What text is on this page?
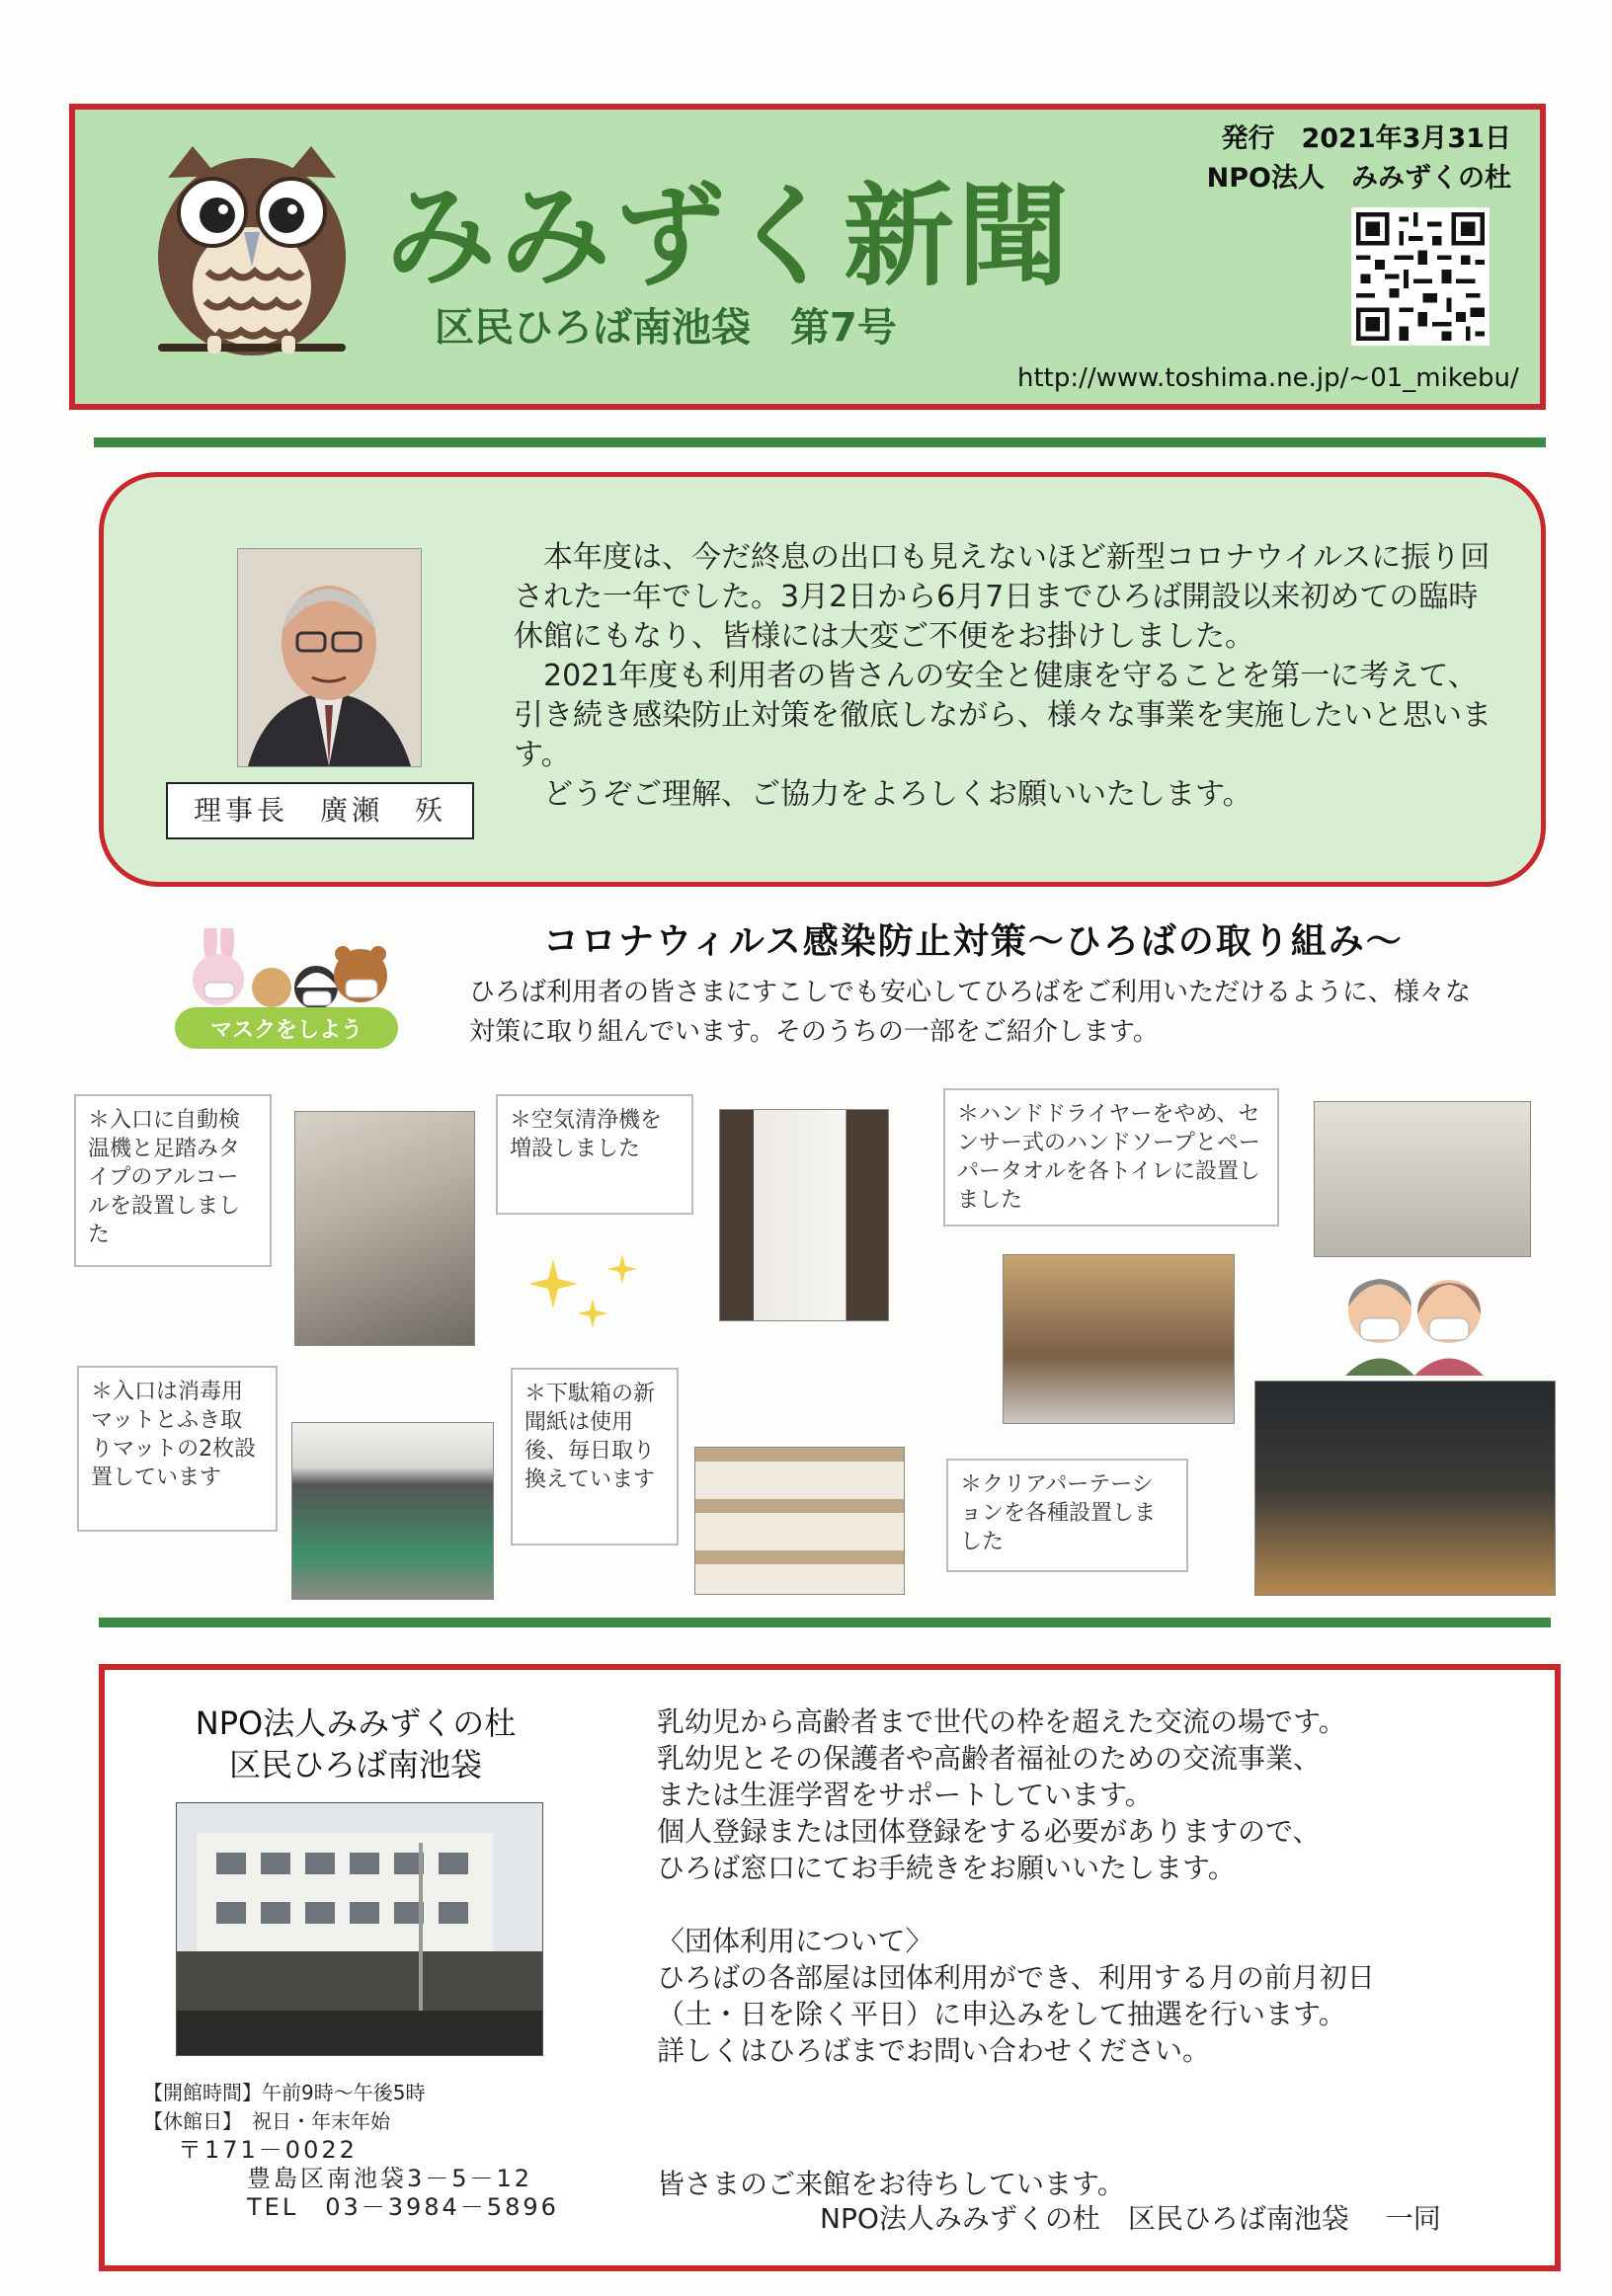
みみずく新聞
区民ひろば南池袋　第7号
発行　2021年3月31日
NPO法人　みみずくの杜
http://www.toshima.ne.jp/~01_mikebu/
理事長　廣瀬　殀

　本年度は、今だ終息の出口も見えないほど新型コロナウイルスに振り回された一年でした。3月2日から6月7日までひろば開設以来初めての臨時休館にもなり、皆様には大変ご不便をお掛けしました。

　2021年度も利用者の皆さんの安全と健康を守ることを第一に考えて、引き続き感染防止対策を徹底しながら、様々な事業を実施したいと思います。

　どうぞご理解、ご協力をよろしくお願いいたします。

マスクをしよう
コロナウィルス感染防止対策～ひろばの取り組み～
ひろば利用者の皆さまにすこしでも安心してひろばをご利用いただけるように、様々な対策に取り組んでいます。そのうちの一部をご紹介します。
＊入口に自動検温機と足踏みタイプのアルコールを設置しました
＊空気清浄機を増設しました
＊ハンドドライヤーをやめ、センサー式のハンドソープとペーパータオルを各トイレに設置しました
＊入口は消毒用マットとふき取りマットの2枚設置しています
＊下駄箱の新聞紙は使用後、毎日取り換えています	＊クリアパーテーションを各種設置しました
NPO法人みみずくの杜
区民ひろば南池袋
【開館時間】午前9時～午後5時
【休館日】　祝日・年末年始
〒171－0022
豊島区南池袋3－5－12
TEL　03－3984－5896

乳幼児から高齢者まで世代の枠を超えた交流の場です。

乳幼児とその保護者や高齢者福祉のための交流事業、

または生涯学習をサポートしています。

個人登録または団体登録をする必要がありますので、

ひろば窓口にてお手続きをお願いいたします。

〈団体利用について〉

ひろばの各部屋は団体利用ができ、利用する月の前月初日

（土・日を除く平日）に申込みをして抽選を行います。

詳しくはひろばまでお問い合わせください。

皆さまのご来館をお待ちしています。
NPO法人みみずくの杜　区民ひろば南池袋　 一同
